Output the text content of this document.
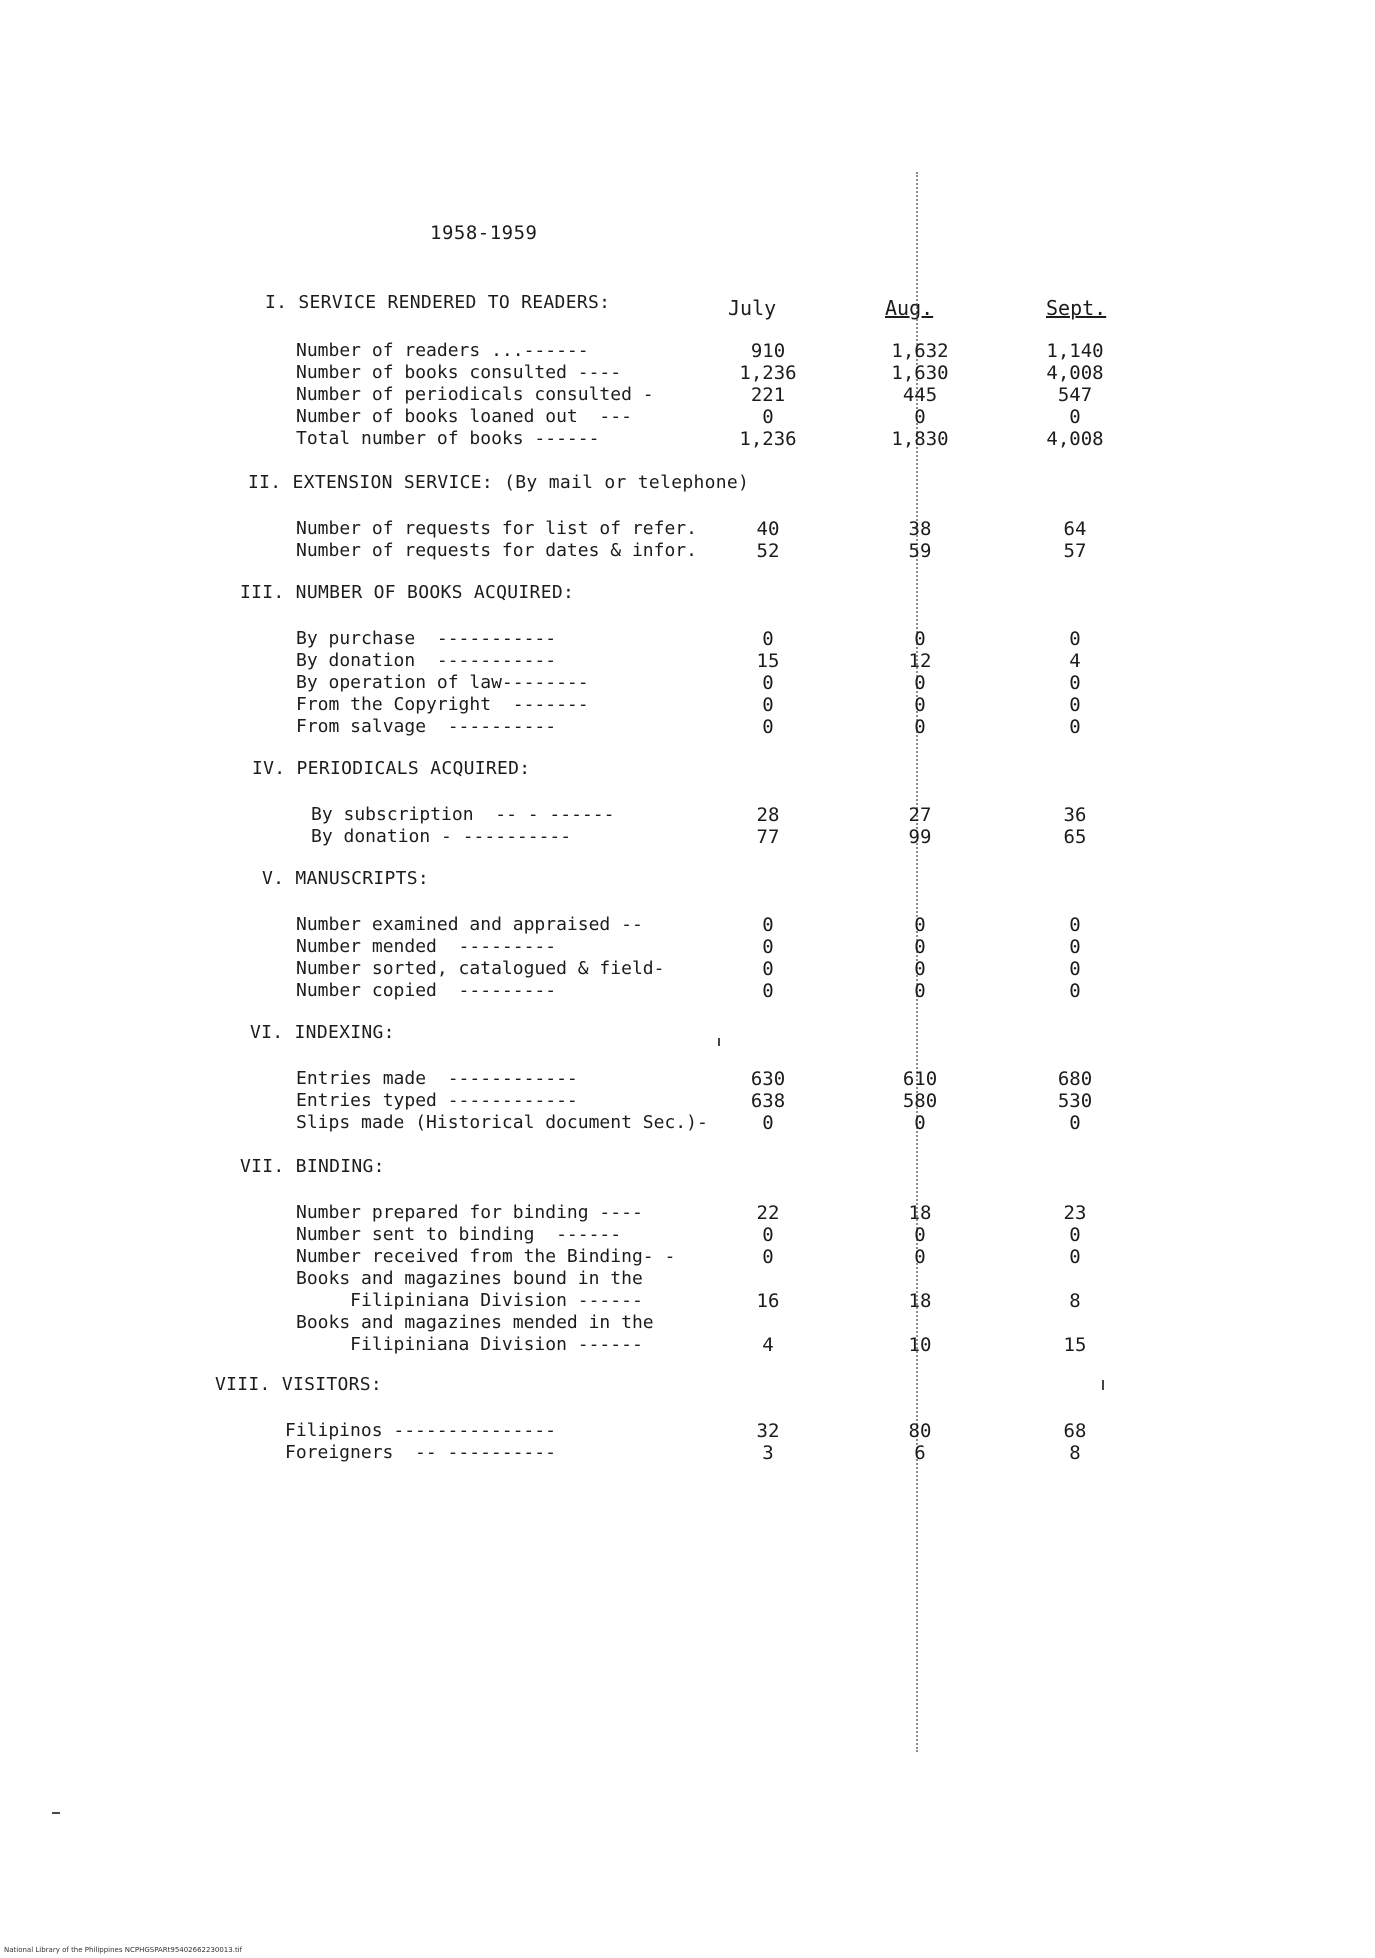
1958-1959
July	Aug.	Sept.
I. SERVICE RENDERED TO READERS:
Number of readers ...------	910	1,632	1,140
Number of books consulted ----	1,236	1,630	4,008
Number of periodicals consulted -	221	445	547
Number of books loaned out  ---	0	0	0
Total number of books ------	1,236	1,830	4,008
II. EXTENSION SERVICE: (By mail or telephone)
Number of requests for list of refer.	40	38	64
Number of requests for dates & infor.	52	59	57
III. NUMBER OF BOOKS ACQUIRED:
By purchase  -----------	0	0	0
By donation  -----------	15	12	4
By operation of law--------	0	0	0
From the Copyright  -------	0	0	0
From salvage  ----------	0	0	0
IV. PERIODICALS ACQUIRED:
By subscription  -- - ------	28	27	36
By donation - ----------	77	99	65
V. MANUSCRIPTS:
Number examined and appraised --	0	0	0
Number mended  ---------	0	0	0
Number sorted, catalogued & field-	0	0	0
Number copied  ---------	0	0	0
VI. INDEXING:
Entries made  ------------	630	610	680
Entries typed ------------	638	580	530
Slips made (Historical document Sec.)-	0	0	0
VII. BINDING:
Number prepared for binding ----	22	18	23
Number sent to binding  ------	0	0	0
Number received from the Binding- -	0	0	0
Books and magazines bound in the
Filipiniana Division ------	16	18	8
Books and magazines mended in the
Filipiniana Division ------	4	10	15
VIII. VISITORS:
Filipinos ---------------	32	80	68
Foreigners  -- ----------	3	6	8
National Library of the Philippines NCPHGSPARt95402662230013.tif
